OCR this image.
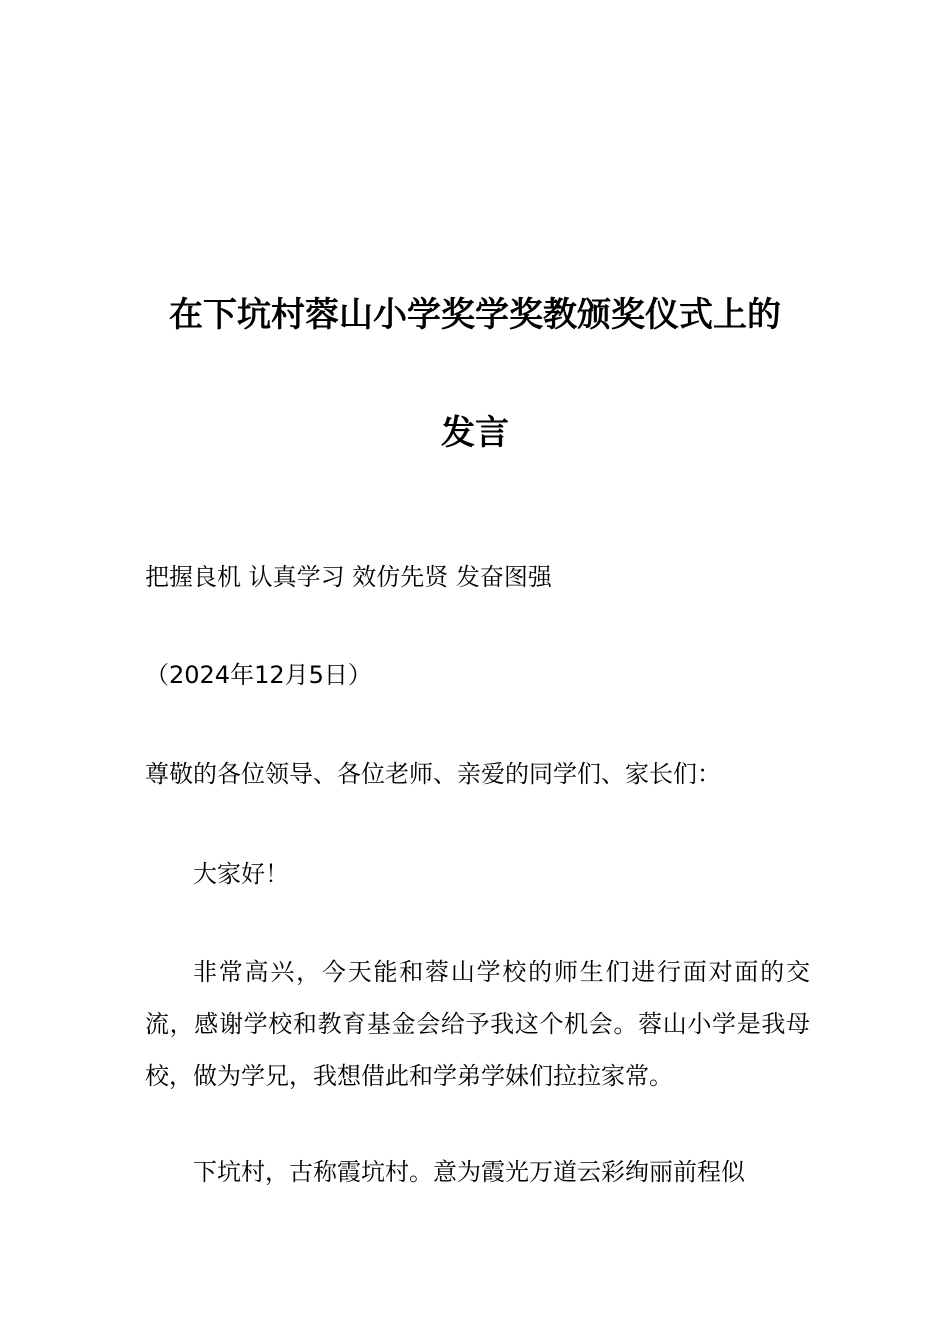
在下坑村蓉山小学奖学奖教颁奖仪式上的
发言
把握良机 认真学习 效仿先贤 发奋图强
（2024年12月5日）
尊敬的各位领导、各位老师、亲爱的同学们、家长们：
大家好！
非常高兴，今天能和蓉山学校的师生们进行面对面的交流，感谢学校和教育基金会给予我这个机会。蓉山小学是我母校，做为学兄，我想借此和学弟学妹们拉拉家常。
下坑村，古称霞坑村。意为霞光万道云彩绚丽前程似
